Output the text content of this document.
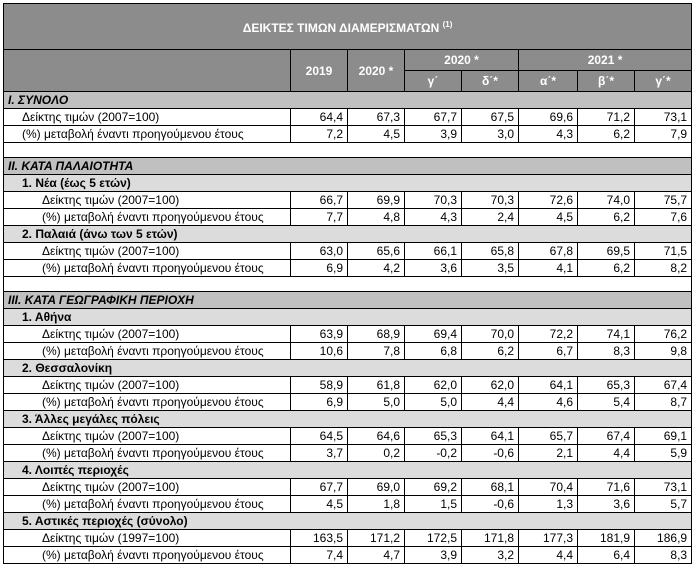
ΔΕΙΚΤΕΣ ΤΙΜΩΝ ΔΙΑΜΕΡΙΣΜΑΤΩΝ $^{(1)}$
	2019	2020 *	2020 *		2021 *		
			γ΄	δ΄*	α΄*	β΄*	γ΄*
I. ΣΥΝΟΛΟ							
Δείκτης τιμών (2007=100)	64,4	67,3	67,7	67,5	69,6	71,2	73,1
(%) μεταβολή έναντι προηγούμενου έτους	7,2	4,5	3,9	3,0	4,3	6,2	7,9

II. ΚΑΤΑ ΠΑΛΑΙΟΤΗΤΑ							
1. Νέα (έως 5 ετών)							
Δείκτης τιμών (2007=100)	66,7	69,9	70,3	70,3	72,6	74,0	75,7
(%) μεταβολή έναντι προηγούμενου έτους	7,7	4,8	4,3	2,4	4,5	6,2	7,6
2. Παλαιά (άνω των 5 ετών)							
Δείκτης τιμών (2007=100)	63,0	65,6	66,1	65,8	67,8	69,5	71,5
(%) μεταβολή έναντι προηγούμενου έτους	6,9	4,2	3,6	3,5	4,1	6,2	8,2

III. ΚΑΤΑ ΓΕΩΓΡΑΦΙΚΗ ΠΕΡΙΟΧΗ							
1. Αθήνα							
Δείκτης τιμών (2007=100)	63,9	68,9	69,4	70,0	72,2	74,1	76,2
(%) μεταβολή έναντι προηγούμενου έτους	10,6	7,8	6,8	6,2	6,7	8,3	9,8
2. Θεσσαλονίκη							
Δείκτης τιμών (2007=100)	58,9	61,8	62,0	62,0	64,1	65,3	67,4
(%) μεταβολή έναντι προηγούμενου έτους	6,9	5,0	5,0	4,4	4,6	5,4	8,7
3. Άλλες μεγάλες πόλεις							
Δείκτης τιμών (2007=100)	64,5	64,6	65,3	64,1	65,7	67,4	69,1
(%) μεταβολή έναντι προηγούμενου έτους	3,7	0,2	-0,2	-0,6	2,1	4,4	5,9
4. Λοιπές περιοχές							
Δείκτης τιμών (2007=100)	67,7	69,0	69,2	68,1	70,4	71,6	73,1
(%) μεταβολή έναντι προηγούμενου έτους	4,5	1,8	1,5	-0,6	1,3	3,6	5,7
5. Αστικές περιοχές (σύνολο)							
Δείκτης τιμών (1997=100)	163,5	171,2	172,5	171,8	177,3	181,9	186,9
(%) μεταβολή έναντι προηγούμενου έτους	7,4	4,7	3,9	3,2	4,4	6,4	8,3
